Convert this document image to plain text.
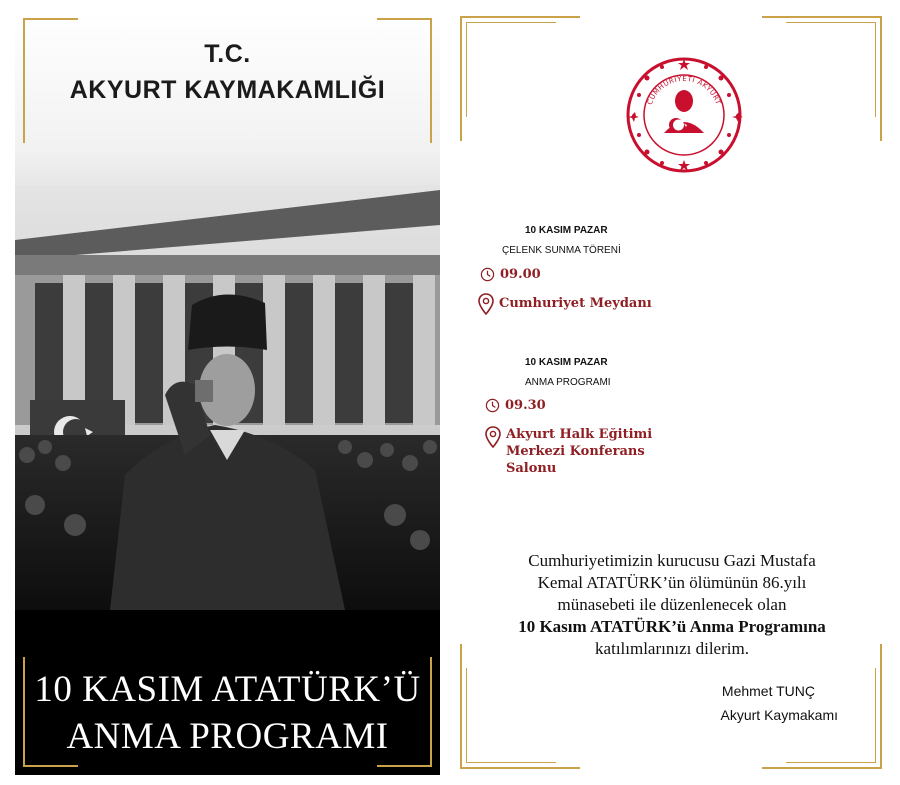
T.C.
AKYURT KAYMAKAMLIĞI
10 KASIM ATATÜRK’Ü
ANMA PROGRAMI
CUMHURİYETİ AKYURT
10 KASIM PAZAR
ÇELENK SUNMA TÖRENİ
09.00
Cumhuriyet Meydanı
10 KASIM PAZAR
ANMA PROGRAMI
09.30
Akyurt Halk Eğitimi
Merkezi Konferans
Salonu
Cumhuriyetimizin kurucusu Gazi Mustafa
Kemal ATATÜRK’ün ölümünün 86.yılı
münasebeti ile düzenlenecek olan
10 Kasım ATATÜRK’ü Anma Programına
katılımlarınızı dilerim.
Mehmet TUNÇ
Akyurt Kaymakamı
